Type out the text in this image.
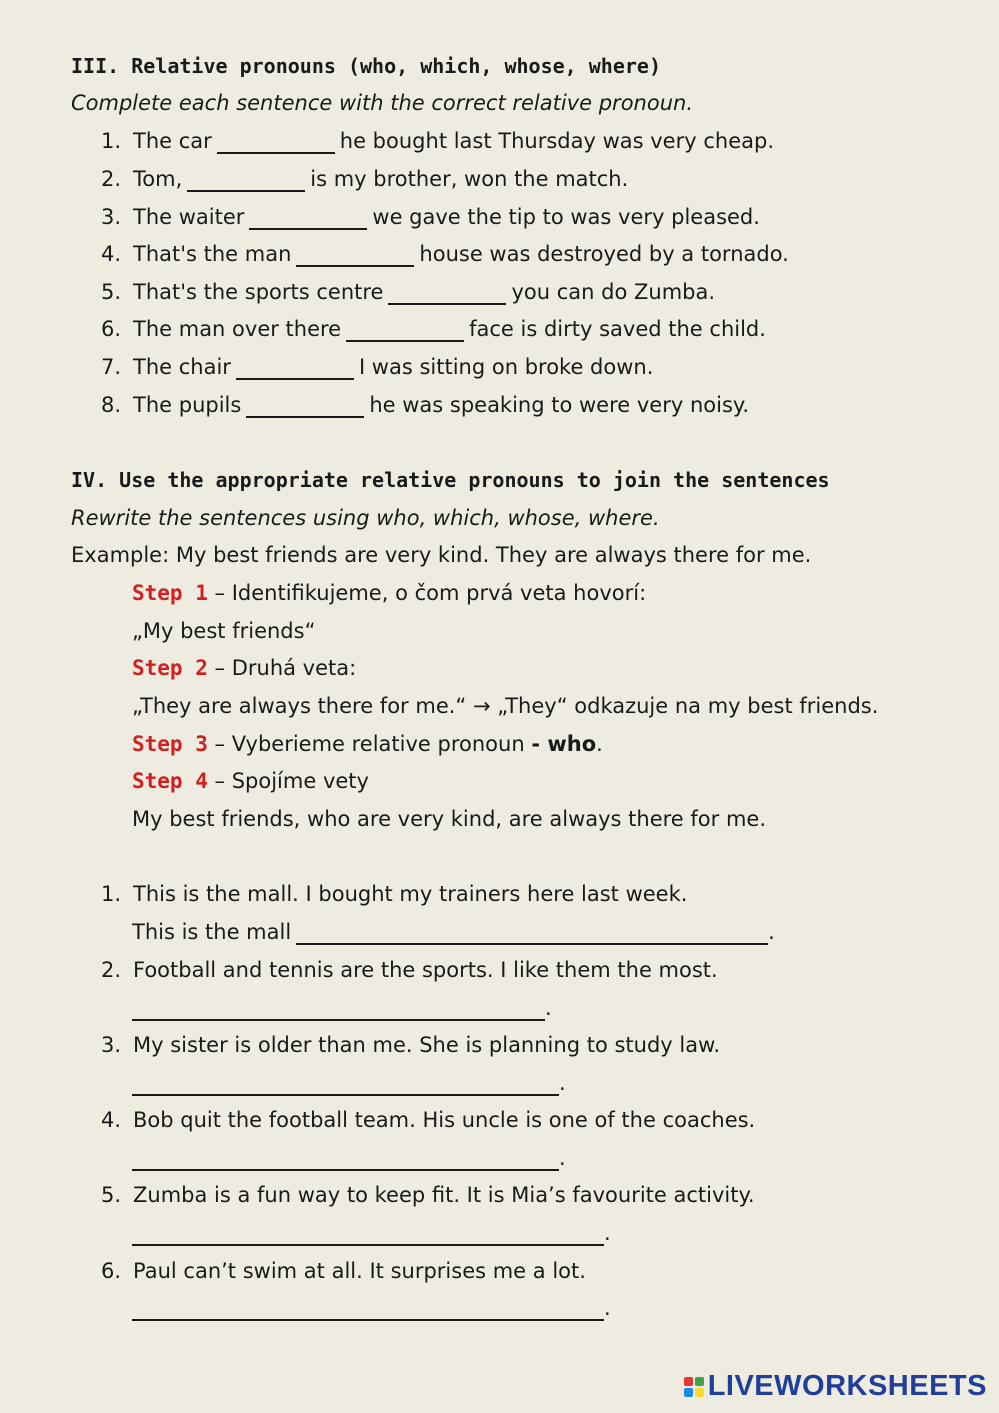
III. Relative pronouns (who, which, whose, where)
Complete each sentence with the correct relative pronoun.
1. The car	he bought last Thursday was very cheap.
2. Tom,	is my brother, won the match.
3. The waiter	we gave the tip to was very pleased.
4. That's the man	house was destroyed by a tornado.
5. That's the sports centre	you can do Zumba.
6. The man over there	face is dirty saved the child.
7. The chair	I was sitting on broke down.
8. The pupils	he was speaking to were very noisy.
IV. Use the appropriate relative pronouns to join the sentences
Rewrite the sentences using who, which, whose, where.
Example: My best friends are very kind. They are always there for me.
Step 1 – Identifikujeme, o čom prvá veta hovorí:
„My best friends“
Step 2 – Druhá veta:
„They are always there for me.“ → „They“ odkazuje na my best friends.
Step 3 – Vyberieme relative pronoun - who.
Step 4 – Spojíme vety
My best friends, who are very kind, are always there for me.
1. This is the mall. I bought my trainers here last week.
This is the mall	.
2. Football and tennis are the sports. I like them the most.
.
3. My sister is older than me. She is planning to study law.
.
4. Bob quit the football team. His uncle is one of the coaches.
.
5. Zumba is a fun way to keep fit. It is Mia’s favourite activity.
.
6. Paul can’t swim at all. It surprises me a lot.
.
LIVEWORKSHEETS
